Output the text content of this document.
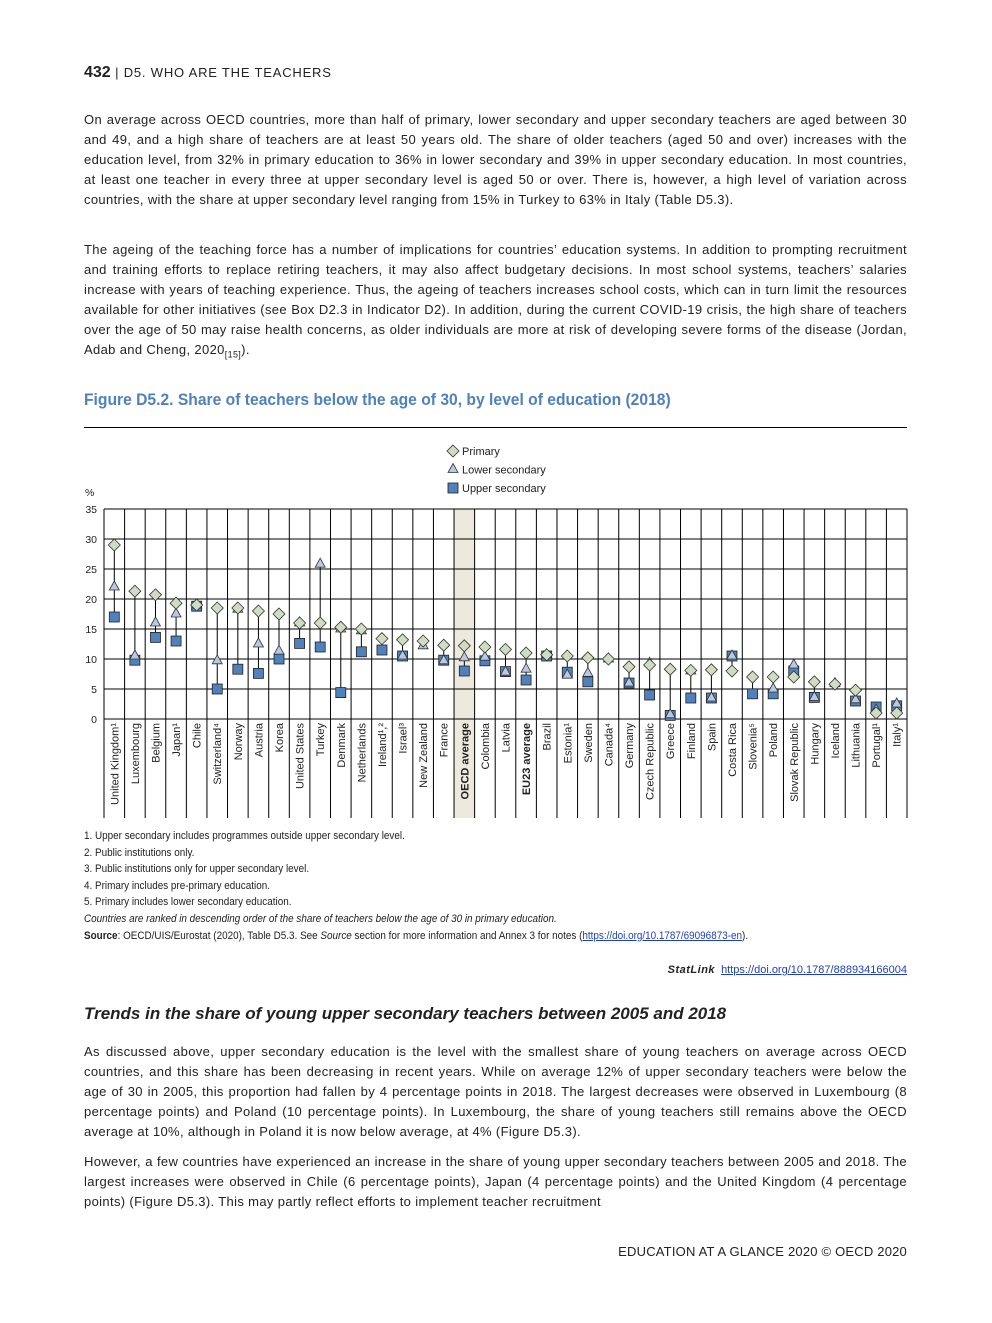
432 | D5. WHO ARE THE TEACHERS

On average across OECD countries, more than half of primary, lower secondary and upper secondary teachers are aged between 30 and 49, and a high share of teachers are at least 50 years old. The share of older teachers (aged 50 and over) increases with the education level, from 32% in primary education to 36% in lower secondary and 39% in upper secondary education. In most countries, at least one teacher in every three at upper secondary level is aged 50 or over. There is, however, a high level of variation across countries, with the share at upper secondary level ranging from 15% in Turkey to 63% in Italy (Table D5.3).

The ageing of the teaching force has a number of implications for countries’ education systems. In addition to prompting recruitment and training efforts to replace retiring teachers, it may also affect budgetary decisions. In most school systems, teachers’ salaries increase with years of teaching experience. Thus, the ageing of teachers increases school costs, which can in turn limit the resources available for other initiatives (see Box D2.3 in Indicator D2). In addition, during the current COVID-19 crisis, the high share of teachers over the age of 50 may raise health concerns, as older individuals are more at risk of developing severe forms of the disease (Jordan, Adab and Cheng, $2020_{[15]}$).

Figure D5.2. Share of teachers below the age of 30, by level of education (2018)
0
5
10
15
20
25
30
35
%
United Kingdom¹ Luxembourg Belgium Japan¹ Chile Switzerland⁴ Norway Austria Korea United States Turkey Denmark Netherlands Ireland¹,² Israel³ New Zealand France OECD average Colombia Latvia EU23 average Brazil Estonia¹ Sweden Canada⁴ Germany Czech Republic Greece Finland Spain Costa Rica Slovenia⁵ Poland Slovak Republic Hungary Iceland Lithuania Portugal¹ Italy¹
Primary
Lower secondary
Upper secondary
1. Upper secondary includes programmes outside upper secondary level.
2. Public institutions only.
3. Public institutions only for upper secondary level.
4. Primary includes pre-primary education.
5. Primary includes lower secondary education.
Countries are ranked in descending order of the share of teachers below the age of 30 in primary education.
Source: OECD/UIS/Eurostat (2020), Table D5.3. See Source section for more information and Annex 3 for notes (https://doi.org/10.1787/69096873-en).
StatLink https://doi.org/10.1787/888934166004
Trends in the share of young upper secondary teachers between 2005 and 2018

As discussed above, upper secondary education is the level with the smallest share of young teachers on average across OECD countries, and this share has been decreasing in recent years. While on average 12% of upper secondary teachers were below the age of 30 in 2005, this proportion had fallen by 4 percentage points in 2018. The largest decreases were observed in Luxembourg (8 percentage points) and Poland (10 percentage points). In Luxembourg, the share of young teachers still remains above the OECD average at 10%, although in Poland it is now below average, at 4% (Figure D5.3).

However, a few countries have experienced an increase in the share of young upper secondary teachers between 2005 and 2018. The largest increases were observed in Chile (6 percentage points), Japan (4 percentage points) and the United Kingdom (4 percentage points) (Figure D5.3). This may partly reflect efforts to implement teacher recruitment

EDUCATION AT A GLANCE 2020 © OECD 2020
